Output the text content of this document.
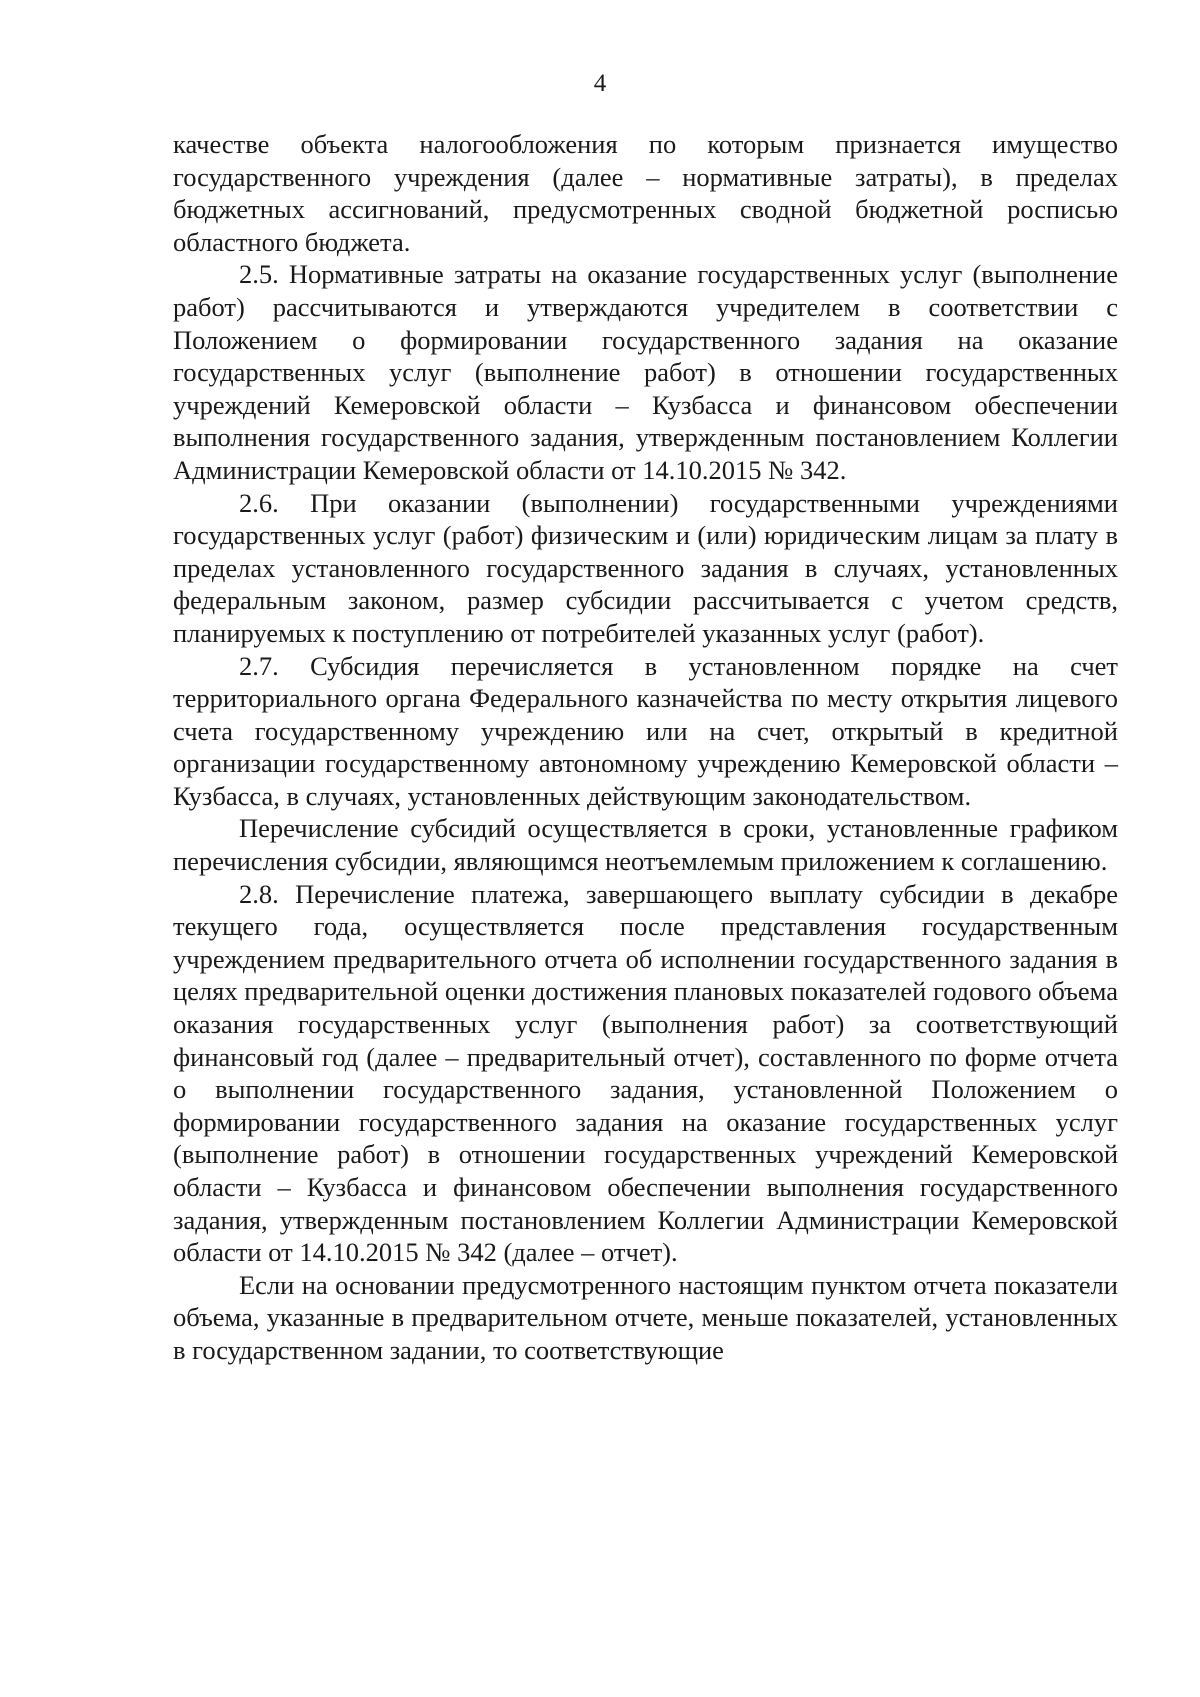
4

качестве объекта налогообложения по которым признается имущество государственного учреждения (далее – нормативные затраты), в пределах бюджетных ассигнований, предусмотренных сводной бюджетной росписью областного бюджета.

2.5. Нормативные затраты на оказание государственных услуг (выполнение работ) рассчитываются и утверждаются учредителем в соответствии с Положением о формировании государственного задания на оказание государственных услуг (выполнение работ) в отношении государственных учреждений Кемеровской области – Кузбасса и финансовом обеспечении выполнения государственного задания, утвержденным постановлением Коллегии Администрации Кемеровской области от 14.10.2015 № 342.

2.6. При оказании (выполнении) государственными учреждениями государственных услуг (работ) физическим и (или) юридическим лицам за плату в пределах установленного государственного задания в случаях, установленных федеральным законом, размер субсидии рассчитывается с учетом средств, планируемых к поступлению от потребителей указанных услуг (работ).

2.7. Субсидия перечисляется в установленном порядке на счет территориального органа Федерального казначейства по месту открытия лицевого счета государственному учреждению или на счет, открытый в кредитной организации государственному автономному учреждению Кемеровской области – Кузбасса, в случаях, установленных действующим законодательством.

Перечисление субсидий осуществляется в сроки, установленные графиком перечисления субсидии, являющимся неотъемлемым приложением к соглашению.

2.8. Перечисление платежа, завершающего выплату субсидии в декабре текущего года, осуществляется после представления государственным учреждением предварительного отчета об исполнении государственного задания в целях предварительной оценки достижения плановых показателей годового объема оказания государственных услуг (выполнения работ) за соответствующий финансовый год (далее – предварительный отчет), составленного по форме отчета о выполнении государственного задания, установленной Положением о формировании государственного задания на оказание государственных услуг (выполнение работ) в отношении государственных учреждений Кемеровской области – Кузбасса и финансовом обеспечении выполнения государственного задания, утвержденным постановлением Коллегии Администрации Кемеровской области от 14.10.2015 № 342 (далее – отчет).

Если на основании предусмотренного настоящим пунктом отчета показатели объема, указанные в предварительном отчете, меньше показателей, установленных в государственном задании, то соответствующие
